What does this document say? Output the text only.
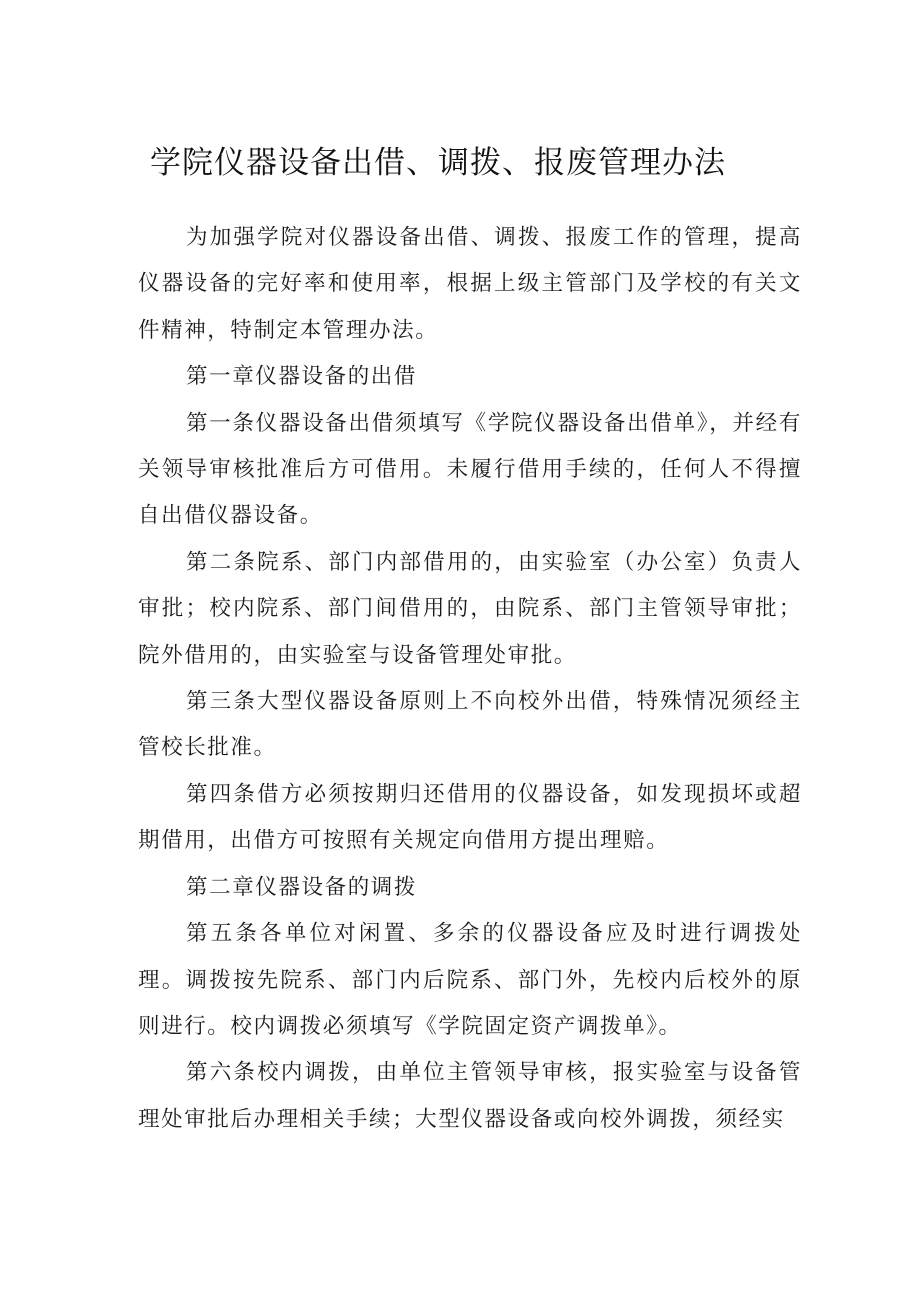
学院仪器设备出借、调拨、报废管理办法

为加强学院对仪器设备出借、调拨、报废工作的管理，提高仪器设备的完好率和使用率，根据上级主管部门及学校的有关文件精神，特制定本管理办法。

第一章仪器设备的出借

第一条仪器设备出借须填写《学院仪器设备出借单》，并经有关领导审核批准后方可借用。未履行借用手续的，任何人不得擅自出借仪器设备。

第二条院系、部门内部借用的，由实验室（办公室）负责人审批；校内院系、部门间借用的，由院系、部门主管领导审批；院外借用的，由实验室与设备管理处审批。

第三条大型仪器设备原则上不向校外出借，特殊情况须经主管校长批准。

第四条借方必须按期归还借用的仪器设备，如发现损坏或超期借用，出借方可按照有关规定向借用方提出理赔。

第二章仪器设备的调拨

第五条各单位对闲置、多余的仪器设备应及时进行调拨处理。调拨按先院系、部门内后院系、部门外，先校内后校外的原则进行。校内调拨必须填写《学院固定资产调拨单》。

第六条校内调拨，由单位主管领导审核，报实验室与设备管理处审批后办理相关手续；大型仪器设备或向校外调拨，须经实
